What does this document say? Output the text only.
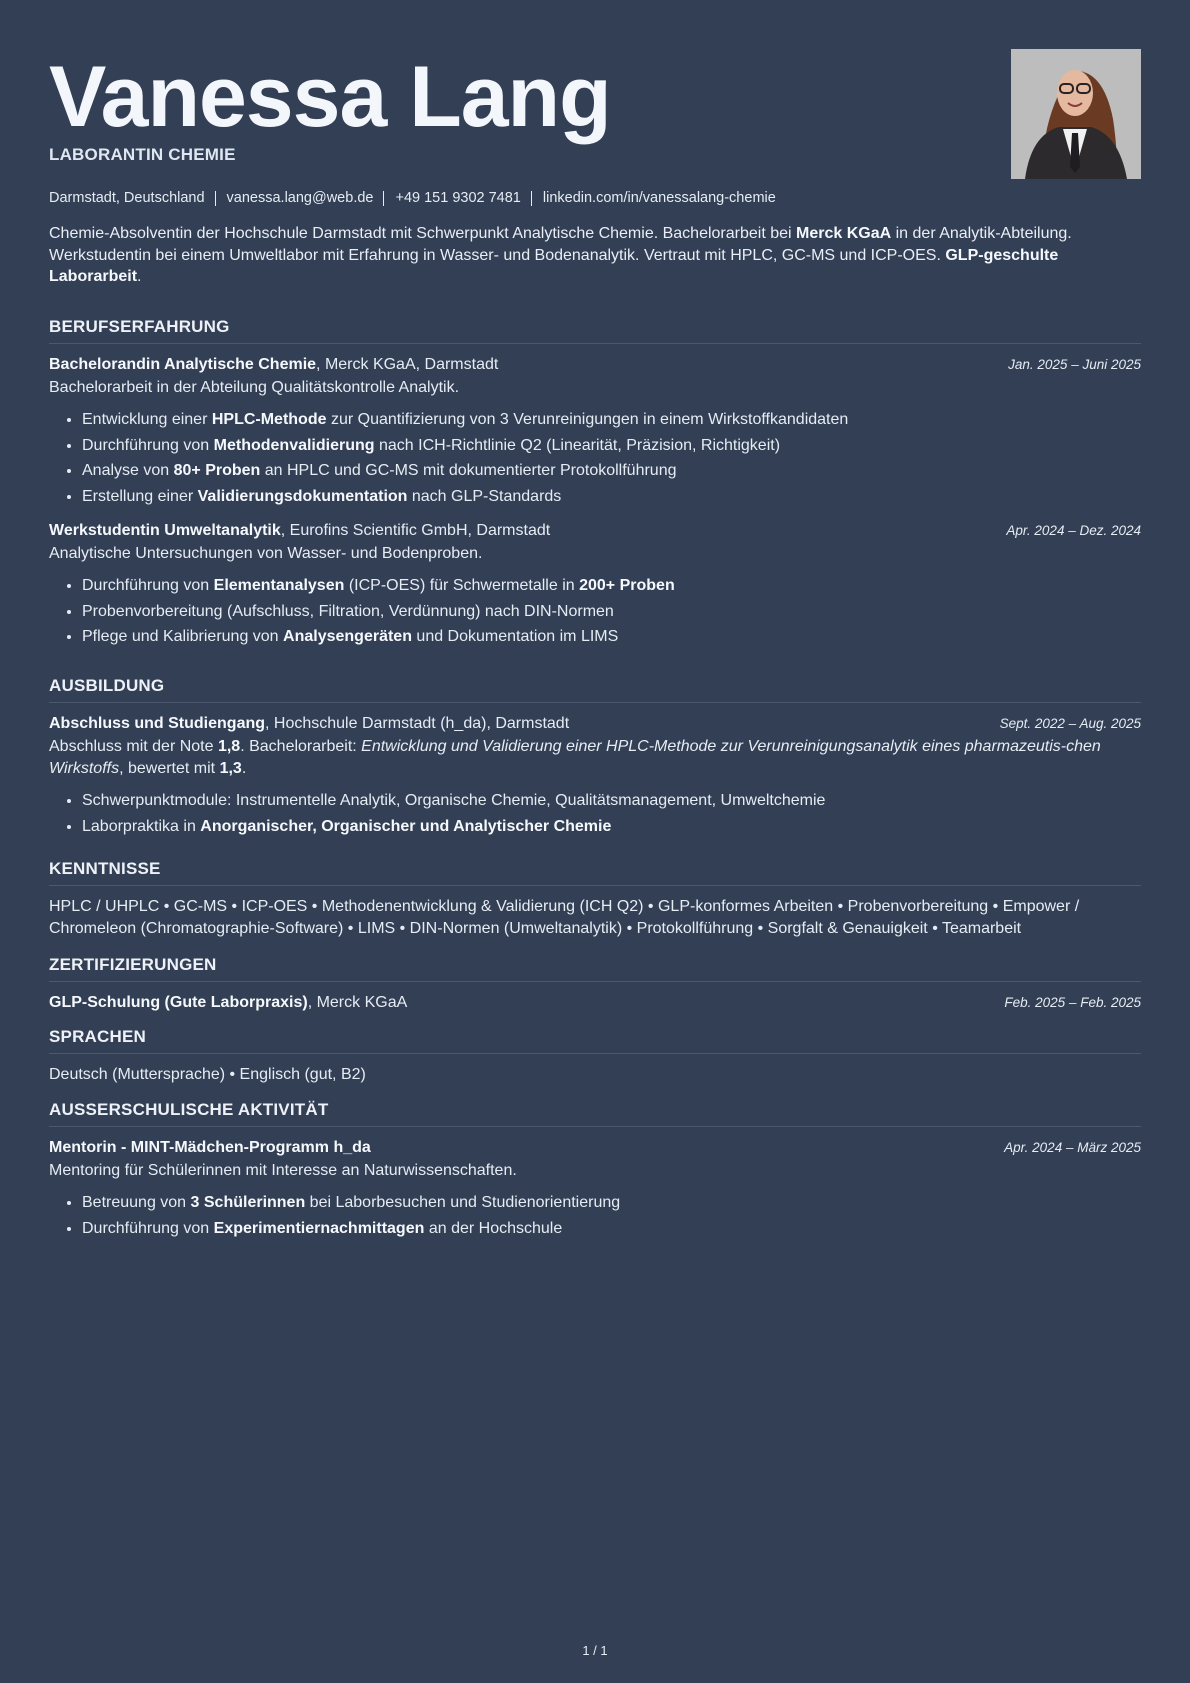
Vanessa Lang
LABORANTIN CHEMIE
Darmstadt, Deutschland vanessa.lang@web.de +49 151 9302 7481 linkedin.com/in/vanessalang-chemie
Chemie-Absolventin der Hochschule Darmstadt mit Schwerpunkt Analytische Chemie. Bachelorarbeit bei Merck KGaA in der Analytik-Abteilung. Werkstudentin bei einem Umweltlabor mit Erfahrung in Wasser- und Bodenanalytik. Vertraut mit HPLC, GC-MS und ICP-OES. GLP-geschulte Laborarbeit.
BERUFSERFAHRUNG
Bachelorandin Analytische Chemie, Merck KGaA, Darmstadt	Jan. 2025 – Juni 2025
Bachelorarbeit in der Abteilung Qualitätskontrolle Analytik.
• Entwicklung einer HPLC-Methode zur Quantifizierung von 3 Verunreinigungen in einem Wirkstoffkandidaten
• Durchführung von Methodenvalidierung nach ICH-Richtlinie Q2 (Linearität, Präzision, Richtigkeit)
• Analyse von 80+ Proben an HPLC und GC-MS mit dokumentierter Protokollführung
• Erstellung einer Validierungsdokumentation nach GLP-Standards
Werkstudentin Umweltanalytik, Eurofins Scientific GmbH, Darmstadt	Apr. 2024 – Dez. 2024
Analytische Untersuchungen von Wasser- und Bodenproben.
• Durchführung von Elementanalysen (ICP-OES) für Schwermetalle in 200+ Proben
• Probenvorbereitung (Aufschluss, Filtration, Verdünnung) nach DIN-Normen
• Pflege und Kalibrierung von Analysengeräten und Dokumentation im LIMS
AUSBILDUNG
Abschluss und Studiengang, Hochschule Darmstadt (h_da), Darmstadt	Sept. 2022 – Aug. 2025
Abschluss mit der Note 1,8. Bachelorarbeit: Entwicklung und Validierung einer HPLC-Methode zur Verunreinigungsanalytik eines pharmazeutis-chen Wirkstoffs, bewertet mit 1,3.
• Schwerpunktmodule: Instrumentelle Analytik, Organische Chemie, Qualitätsmanagement, Umweltchemie
• Laborpraktika in Anorganischer, Organischer und Analytischer Chemie
KENNTNISSE
HPLC / UHPLC • GC-MS • ICP-OES • Methodenentwicklung & Validierung (ICH Q2) • GLP-konformes Arbeiten • Probenvorbereitung • Empower / Chromeleon (Chromatographie-Software) • LIMS • DIN-Normen (Umweltanalytik) • Protokollführung • Sorgfalt & Genauigkeit • Teamarbeit
ZERTIFIZIERUNGEN
GLP-Schulung (Gute Laborpraxis), Merck KGaA	Feb. 2025 – Feb. 2025
SPRACHEN
Deutsch (Muttersprache) • Englisch (gut, B2)
AUSSERSCHULISCHE AKTIVITÄT
Mentorin - MINT-Mädchen-Programm h_da	Apr. 2024 – März 2025
Mentoring für Schülerinnen mit Interesse an Naturwissenschaften.
• Betreuung von 3 Schülerinnen bei Laborbesuchen und Studienorientierung
• Durchführung von Experimentiernachmittagen an der Hochschule
1 / 1
